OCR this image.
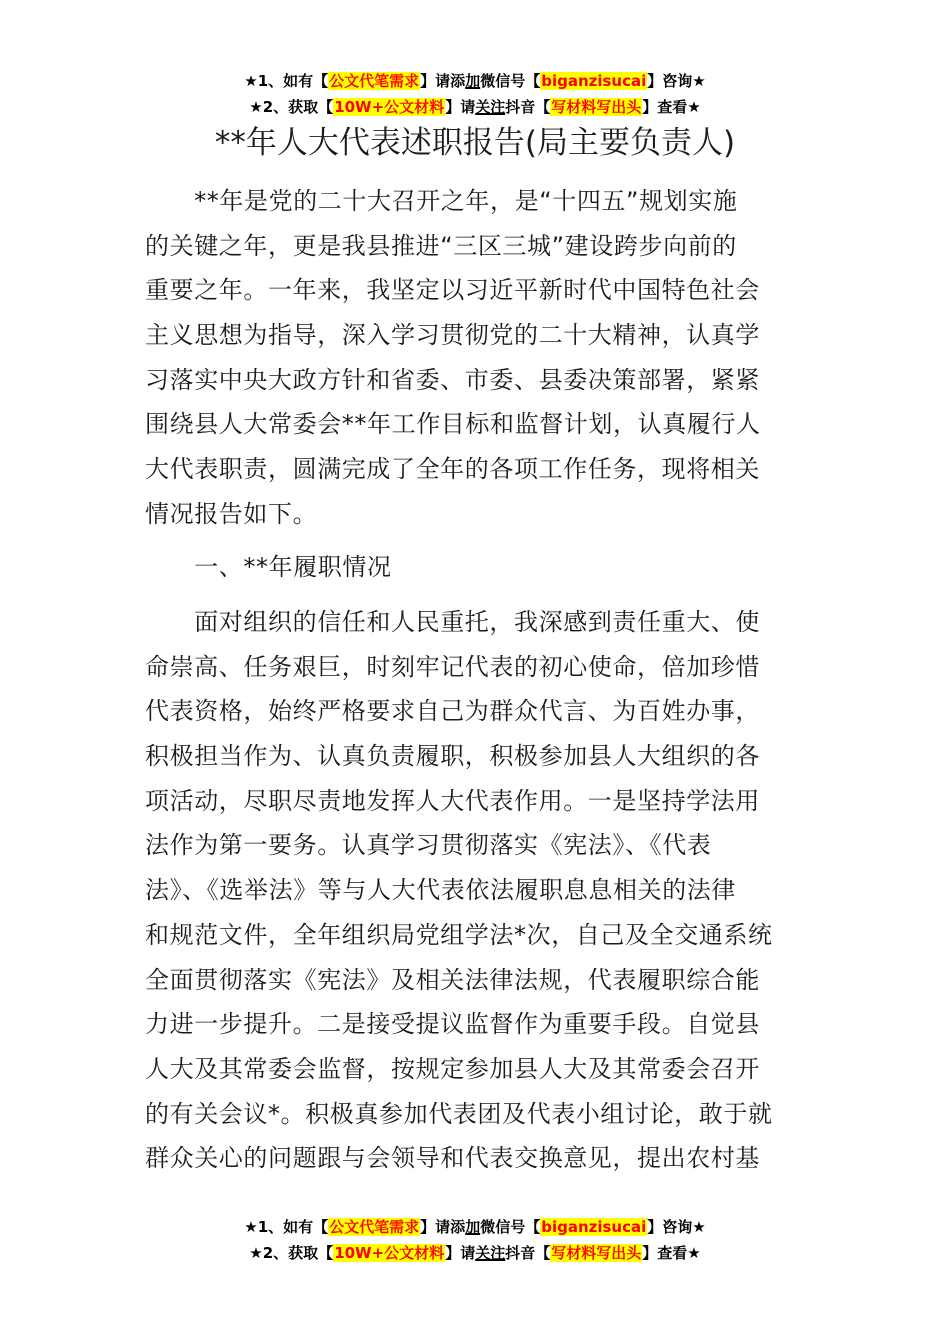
★1、如有【公文代笔需求】请添加微信号【biganzisucai】咨询★
★2、获取【10W+公文材料】请关注抖音【写材料写出头】查看★
**年人大代表述职报告(局主要负责人)
　　**年是党的二十大召开之年，是“十四五”规划实施
的关键之年，更是我县推进“三区三城”建设跨步向前的
重要之年。一年来，我坚定以习近平新时代中国特色社会
主义思想为指导，深入学习贯彻党的二十大精神，认真学
习落实中央大政方针和省委、市委、县委决策部署，紧紧
围绕县人大常委会**年工作目标和监督计划，认真履行人
大代表职责，圆满完成了全年的各项工作任务，现将相关
情况报告如下。
　　一、**年履职情况
　　面对组织的信任和人民重托，我深感到责任重大、使
命崇高、任务艰巨，时刻牢记代表的初心使命，倍加珍惜
代表资格，始终严格要求自己为群众代言、为百姓办事，
积极担当作为、认真负责履职，积极参加县人大组织的各
项活动，尽职尽责地发挥人大代表作用。一是坚持学法用
法作为第一要务。认真学习贯彻落实《宪法》、《代表
法》、《选举法》等与人大代表依法履职息息相关的法律
和规范文件，全年组织局党组学法*次，自己及全交通系统
全面贯彻落实《宪法》及相关法律法规，代表履职综合能
力进一步提升。二是接受提议监督作为重要手段。自觉县
人大及其常委会监督，按规定参加县人大及其常委会召开
的有关会议*。积极真参加代表团及代表小组讨论，敢于就
群众关心的问题跟与会领导和代表交换意见，提出农村基
★1、如有【公文代笔需求】请添加微信号【biganzisucai】咨询★
★2、获取【10W+公文材料】请关注抖音【写材料写出头】查看★
